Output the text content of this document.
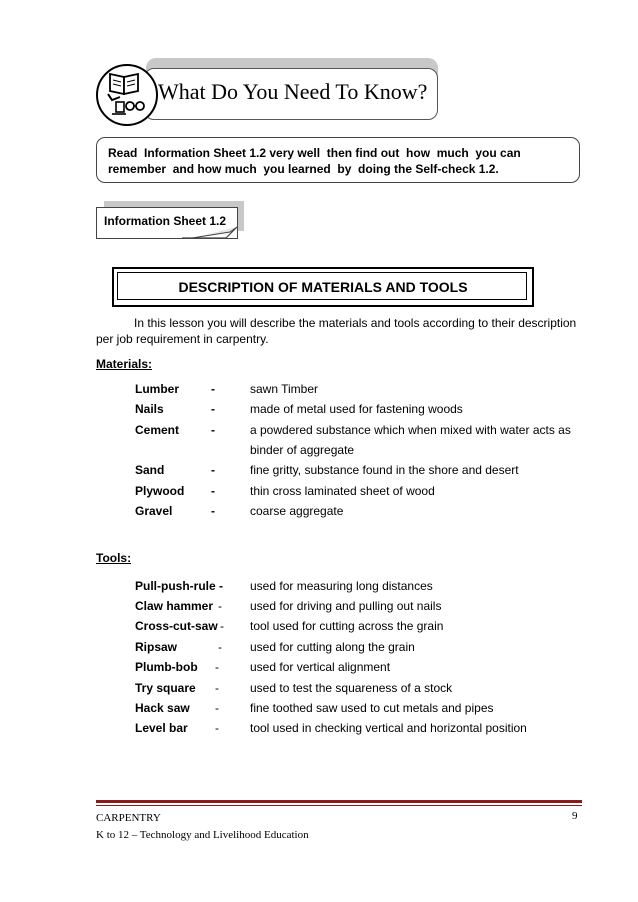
What Do You Need To Know?
Read  Information Sheet 1.2 very well  then find out  how  much  you can
remember  and how much  you learned  by  doing the Self-check 1.2.
Information Sheet 1.2
DESCRIPTION OF MATERIALS AND TOOLS
In this lesson you will describe the materials and tools according to their description per job requirement in carpentry.
Materials:
Lumber	-	sawn Timber
Nails	-	made of metal used for fastening woods
Cement	-	a powdered substance which when mixed with water acts as
binder of aggregate
Sand	-	fine gritty, substance found in the shore and desert
Plywood -	thin cross laminated sheet of wood
Gravel	-	coarse aggregate
Tools:
Pull-push-rule - used for measuring long distances
Claw hammer - used for driving and pulling out nails
Cross-cut-saw - tool used for cutting across the grain
Ripsaw	- used for cutting along the grain
Plumb-bob -	used for vertical alignment
Try square -	used to test the squareness of a stock
Hack saw -	fine toothed saw used to cut metals and pipes
Level bar -	tool used in checking vertical and horizontal position
CARPENTRY
K to 12 – Technology and Livelihood Education
9
